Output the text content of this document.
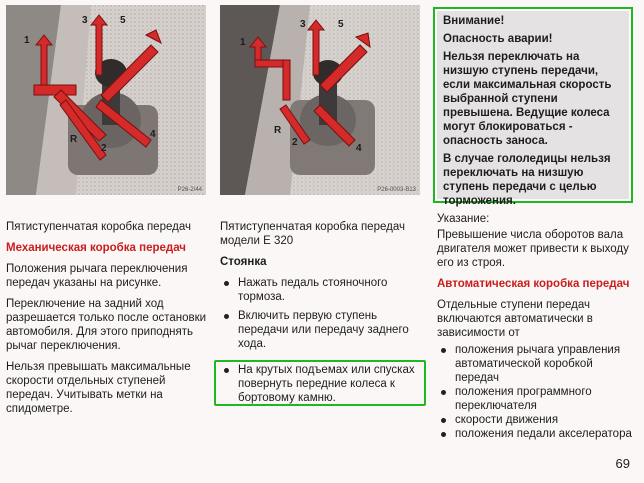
1
2
3
4
5
R
P26-2/44
1
2
3
4
5
R
P26-0003-B13

Внимание!

Опасность аварии!

Нельзя переключать на низшую ступень передачи, если максимальная скорость выбранной ступени превышена. Ведущие колеса могут блокироваться - опасность заноса.

В случае гололедицы нельзя переключать на низшую ступень передачи с целью торможения.

Пятиступенчатая коробка передач

Механическая коробка передач

Положения рычага переключения передач указаны на рисунке.

Переключение на задний ход разрешается только после остановки автомобиля. Для этого приподнять рычаг переключения.

Нельзя превышать максимальные скорости отдельных ступеней передач. Учитывать метки на спидометре.

Пятиступенчатая коробка передач модели E 320

Стоянка

Нажать педаль стояночного тормоза.
Включить первую ступень передачи или передачу заднего хода.
На крутых подъемах или спусках повернуть передние колеса к бортовому камню.

Указание:

Превышение числа оборотов вала двигателя может привести к выходу его из строя.

Автоматическая коробка передач

Отдельные ступени передач включаются автоматически в зависимости от

положения рычага управления автоматической коробкой передач
положения программного переключателя
скорости движения
положения педали акселератора
69
